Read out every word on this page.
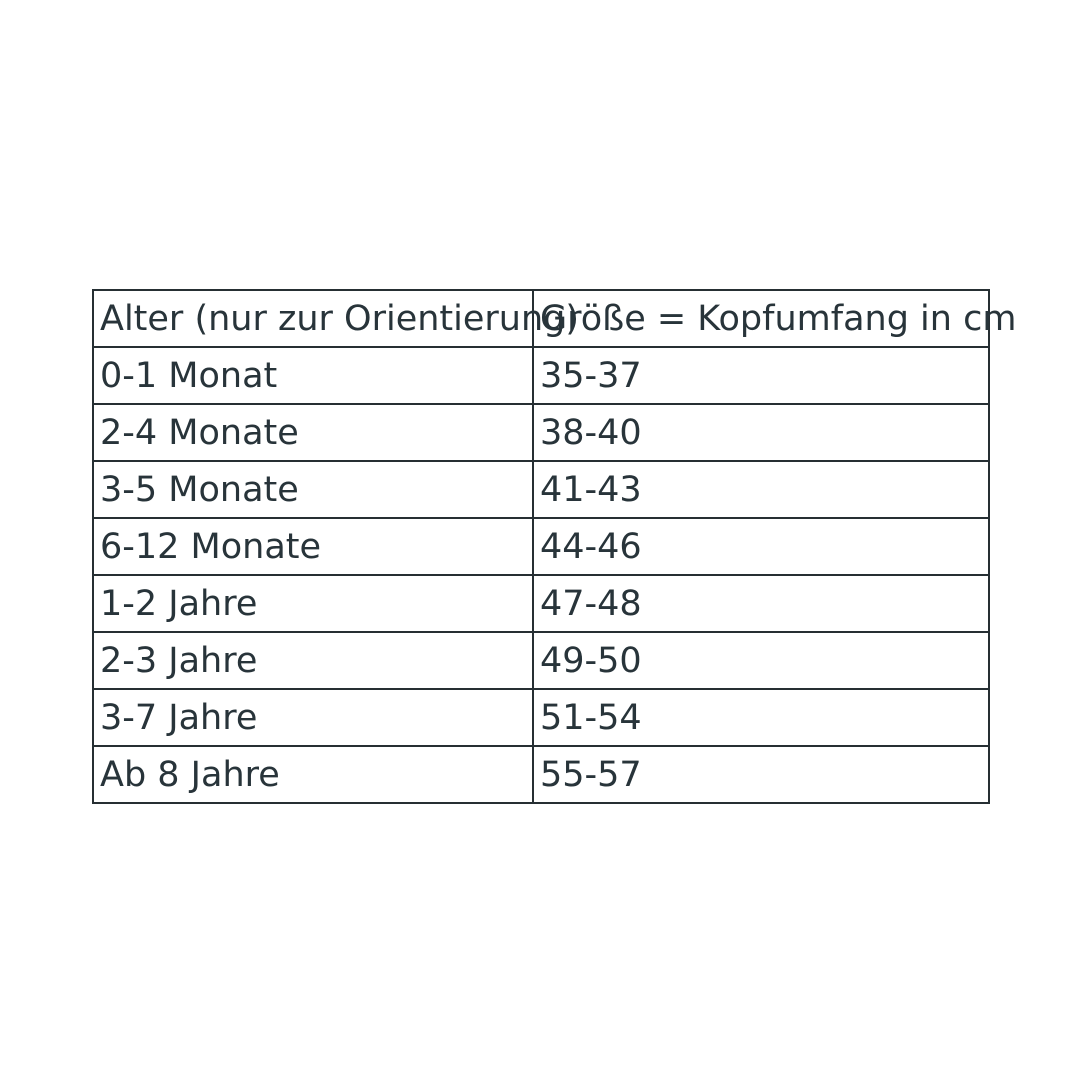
Alter (nur zur Orientierung)	Größe = Kopfumfang in cm
0-1 Monat	35-37
2-4 Monate	38-40
3-5 Monate	41-43
6-12 Monate	44-46
1-2 Jahre	47-48
2-3 Jahre	49-50
3-7 Jahre	51-54
Ab 8 Jahre	55-57
